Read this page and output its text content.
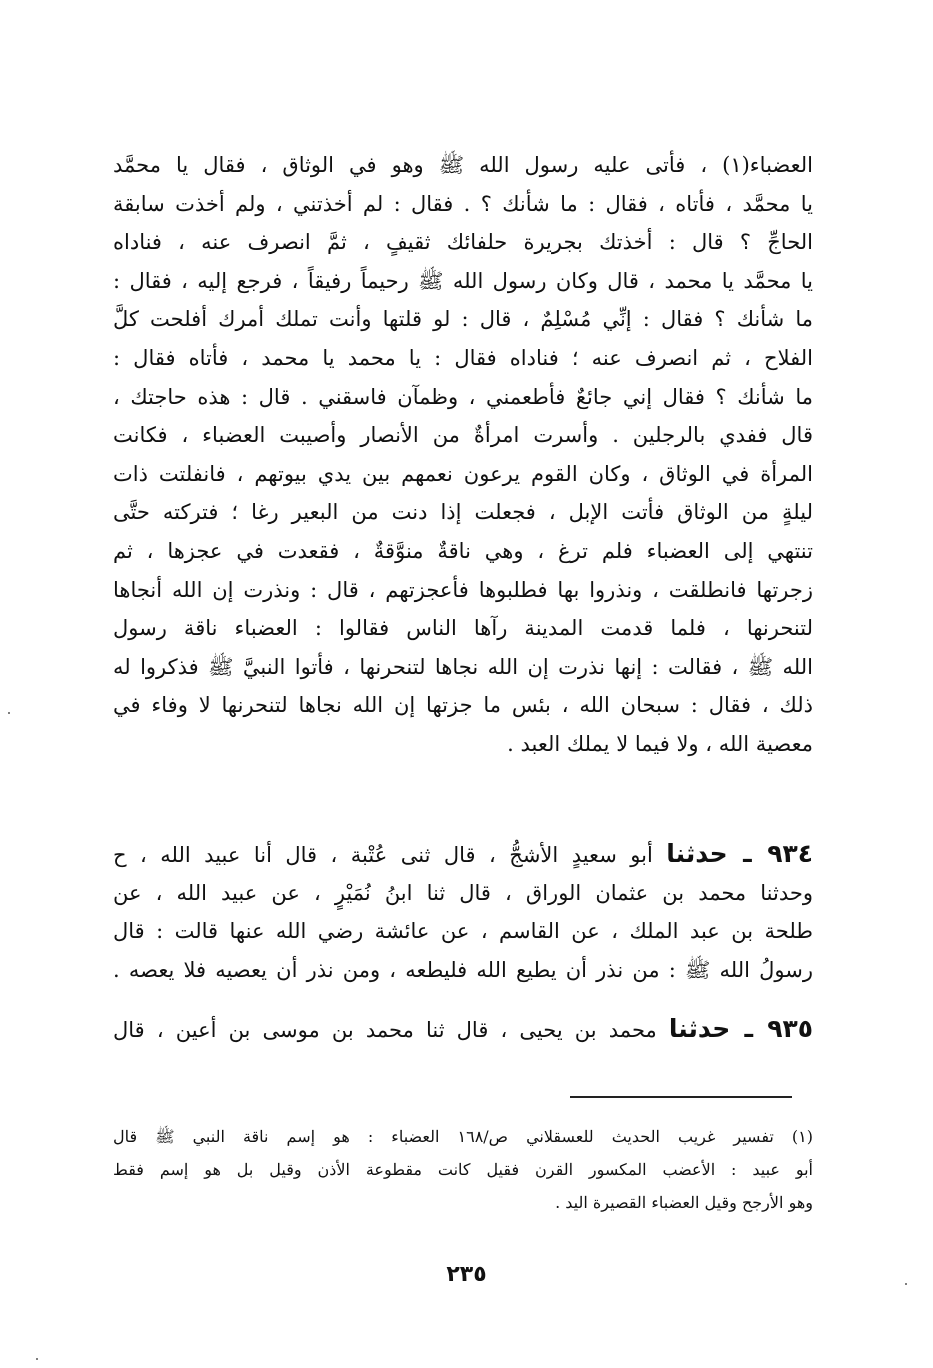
العضباء(١) ، فأتى عليه رسول الله ﷺ وهو في الوثاق ، فقال يا محمَّد
يا محمَّد ، فأتاه ، فقال : ما شأنك ؟ . فقال : لم أخذتني ، ولم أخذت سابقة
الحاجِّ ؟ قال : أخذتك بجريرة حلفائك ثقيفٍ ، ثمَّ انصرف عنه ، فناداه
يا محمَّد يا محمد ، قال وكان رسول الله ﷺ رحيماً رفيقاً ، فرجع إليه ، فقال :
ما شأنك ؟ فقال : إنِّي مُسْلِمٌ ، قال : لو قلتها وأنت تملك أمرك أفلحت كلَّ
الفلاح ، ثم انصرف عنه ؛ فناداه فقال : يا محمد يا محمد ، فأتاه فقال :
ما شأنك ؟ فقال إني جائعٌ فأطعمني ، وظمآن فاسقني . قال : هذه حاجتك ،
قال ففدي بالرجلين . وأسرت امرأةٌ من الأنصار وأصيبت العضباء ، فكانت
المرأة في الوثاق ، وكان القوم يرعون نعمهم بين يدي بيوتهم ، فانفلتت ذات
ليلةٍ من الوثاق فأتت الإبل ، فجعلت إذا دنت من البعير رغا ؛ فتركته حتَّى
تنتهي إلى العضباء فلم ترغ ، وهي ناقةٌ منوَّقةٌ ، فقعدت في عجزها ، ثم
زجرتها فانطلقت ، ونذروا بها فطلبوها فأعجزتهم ، قال : ونذرت إن الله أنجاها
لتنحرنها ، فلما قدمت المدينة رآها الناس فقالوا : العضباء ناقة رسول
الله ﷺ ، فقالت : إنها نذرت إن الله نجاها لتنحرنها ، فأتوا النبيَّ ﷺ فذكروا له
ذلك ، فقال : سبحان الله ، بئس ما جزتها إن الله نجاها لتنحرنها لا وفاء في
معصية الله ، ولا فيما لا يملك العبد .
٩٣٤ ـ حدثنا أبو سعيدٍ الأشجُّ ، قال ثنى عُتْبة ، قال أنا عبيد الله ، ح
وحدثنا محمد بن عثمان الوراق ، قال ثنا ابنُ نُمَيْرٍ ، عن عبيد الله ، عن
طلحة بن عبد الملك ، عن القاسم ، عن عائشة رضي الله عنها قالت : قال
رسولُ الله ﷺ : من نذر أن يطيع الله فليطعه ، ومن نذر أن يعصيه فلا يعصه .
٩٣٥ ـ حدثنا محمد بن يحيى ، قال ثنا محمد بن موسى بن أعين ، قال
(١) تفسير غريب الحديث للعسقلاني ص/١٦٨ العضباء : هو إسم ناقة النبي ﷺ قال
أبو عبيد : الأعضب المكسور القرن فقيل كانت مقطوعة الأذن وقيل بل هو إسم فقط
وهو الأرجح وقيل العضباء القصيرة اليد .
٢٣٥
